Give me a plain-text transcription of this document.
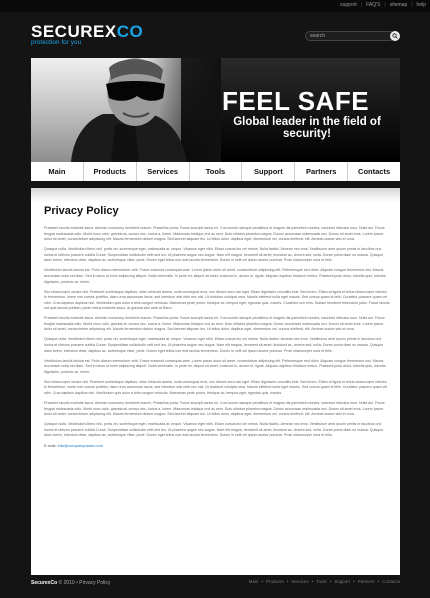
support | FAQ'S | sitemap | help
SECUREXCO
protection for you
search
FEEL SAFE
Global leader in the field of security!
Main	Products	Services	Tools	Support	Partners	Contacts
Privacy Policy

Praesent iaculis molestie lacus. Aenean nonummy hendrerit mauris. Phasellus porta. Fusce suscipit varius mi. Cum sociis natoque penatibus et magnis dis parturient montes, nascetur ridiculus mus. Nulla dui. Fusce feugiat malesuada odio. Morbi nunc odio, gravida at, cursus nec, luctus a, lorem. Maecenas tristique orci ac sem. Duis ultricies pharetra magna. Donec accumsan malesuada orci. Donec sit amet eros. Lorem ipsum dolor sit amet, consectetuer adipiscing elit. Mauris fermentum dictum magna. Sed laoreet aliquam leo. Ut tellus dolor, dapibus eget, elementum vel, cursus eleifend, elit. Aenean auctor wisi et urna.

Quisque nulla. Vestibulum libero nisl, porta vel, scelerisque eget, malesuada at, neque. Vivamus eget nibh. Etiam cursus leo vel metus. Nulla facilisi. Aenean nec eros. Vestibulum ante ipsum primis in faucibus orci luctus et ultrices posuere cubilia Curae; Suspendisse sollicitudin velit sed leo. Ut pharetra augue nec augue. Nam elit magna, hendrerit sit amet, tincidunt ac, viverra sed, nulla. Donec porta diam eu massa. Quisque diam lorem, interdum vitae, dapibus ac, scelerisque vitae, pede. Donec eget tellus non erat lacinia fermentum. Donec in velit vel ipsum auctor pulvinar. Proin ullamcorper urna et felis.

Vestibulum iaculis lacinia est. Proin dictum elementum velit. Fusce euismod consequat ante. Lorem ipsum dolor sit amet, consectetuer adipiscing elit. Pellentesque sed dolor. Aliquam congue fermentum nisl. Mauris accumsan nulla vel diam. Sed in lacus ut enim adipiscing aliquet. Nulla venenatis. In pede mi, aliquet sit amet, euismod in, auctor ut, ligula. Aliquam dapibus tincidunt metus. Praesent justo dolor, lobortis quis, lobortis dignissim, pulvinar ac, lorem.

Sed ullamcorper ornare nisl. Praesent scelerisque dapibus, vitae vehicula lacinia, nulla consequat eros, nec dictum arcu nisl eget. Etiam dignissim convallis erat. Sed lorem. Etiam at ligula et tellus ullamcorper ultrices. In fermentum, lorem non cursus porttitor, diam urna accumsan lacus, sed interdum wisi nibh nec nisl. Ut tincidunt volutpat urna. Mauris eleifend nulla eget mauris. Sed cursus quam id felis. Curabitur posuere quam vel nibh. Cras dapibus dapibus nisl. Vestibulum quis dolor a felis congue vehicula. Maecenas pede purus, tristique ac, tempus eget, egestas quis, mauris. Curabitur non eros. Nullam hendrerit bibendum justo. Fusce iaculis, est quis lacinia pretium, pede metus molestie lacus, at gravida wisi ante at libero.

Praesent iaculis molestie lacus. Aenean nonummy hendrerit mauris. Phasellus porta. Fusce suscipit varius mi. Cum sociis natoque penatibus et magnis dis parturient montes, nascetur ridiculus mus. Nulla dui. Fusce feugiat malesuada odio. Morbi nunc odio, gravida at, cursus nec, luctus a, lorem. Maecenas tristique orci ac sem. Duis ultricies pharetra magna. Donec accumsan malesuada orci. Donec sit amet eros. Lorem ipsum dolor sit amet, consectetuer adipiscing elit. Mauris fermentum dictum magna. Sed laoreet aliquam leo. Ut tellus dolor, dapibus eget, elementum vel, cursus eleifend, elit. Aenean auctor wisi et urna.

Quisque nulla. Vestibulum libero nisl, porta vel, scelerisque eget, malesuada at, neque. Vivamus eget nibh. Etiam cursus leo vel metus. Nulla facilisi. Aenean nec eros. Vestibulum ante ipsum primis in faucibus orci luctus et ultrices posuere cubilia Curae; Suspendisse sollicitudin velit sed leo. Ut pharetra augue nec augue. Nam elit magna, hendrerit sit amet, tincidunt ac, viverra sed, nulla. Donec porta diam eu massa. Quisque diam lorem, interdum vitae, dapibus ac, scelerisque vitae, pede. Donec eget tellus non erat lacinia fermentum. Donec in velit vel ipsum auctor pulvinar. Proin ullamcorper urna et felis.

Vestibulum iaculis lacinia est. Proin dictum elementum velit. Fusce euismod consequat ante. Lorem ipsum dolor sit amet, consectetuer adipiscing elit. Pellentesque sed dolor. Aliquam congue fermentum nisl. Mauris accumsan nulla vel diam. Sed in lacus ut enim adipiscing aliquet. Nulla venenatis. In pede mi, aliquet sit amet, euismod in, auctor ut, ligula. Aliquam dapibus tincidunt metus. Praesent justo dolor, lobortis quis, lobortis dignissim, pulvinar ac, lorem.

Sed ullamcorper ornare nisl. Praesent scelerisque dapibus, vitae vehicula lacinia, nulla consequat eros, nec dictum arcu nisl eget. Etiam dignissim convallis erat. Sed lorem. Etiam at ligula et tellus ullamcorper ultrices. In fermentum, lorem non cursus porttitor, diam urna accumsan lacus, sed interdum wisi nibh nec nisl. Ut tincidunt volutpat urna. Mauris eleifend nulla eget mauris. Sed cursus quam id felis. Curabitur posuere quam vel nibh. Cras dapibus dapibus nisl. Vestibulum quis dolor a felis congue vehicula. Maecenas pede purus, tristique ac, tempus eget, egestas quis, mauris.

Praesent iaculis molestie lacus. Aenean nonummy hendrerit mauris. Phasellus porta. Fusce suscipit varius mi. Cum sociis natoque penatibus et magnis dis parturient montes, nascetur ridiculus mus. Nulla dui. Fusce feugiat malesuada odio. Morbi nunc odio, gravida at, cursus nec, luctus a, lorem. Maecenas tristique orci ac sem. Duis ultricies pharetra magna. Donec accumsan malesuada orci. Donec sit amet eros. Lorem ipsum dolor sit amet, consectetuer adipiscing elit. Mauris fermentum dictum magna. Sed laoreet aliquam leo. Ut tellus dolor, dapibus eget, elementum vel, cursus eleifend, elit. Aenean auctor wisi et urna.

Quisque nulla. Vestibulum libero nisl, porta vel, scelerisque eget, malesuada at, neque. Vivamus eget nibh. Etiam cursus leo vel metus. Nulla facilisi. Aenean nec eros. Vestibulum ante ipsum primis in faucibus orci luctus et ultrices posuere cubilia Curae; Suspendisse sollicitudin velit sed leo. Ut pharetra augue nec augue. Nam elit magna, hendrerit sit amet, tincidunt ac, viverra sed, nulla. Donec porta diam eu massa. Quisque diam lorem, interdum vitae, dapibus ac, scelerisque vitae, pede. Donec eget tellus non erat lacinia fermentum. Donec in velit vel ipsum auctor pulvinar. Proin ullamcorper urna et felis.

E-mail: info@companyname.com
SecurexCo © 2010 • Privacy Policy	Main • Products • Services • Tools • Support • Partners • Contacts
